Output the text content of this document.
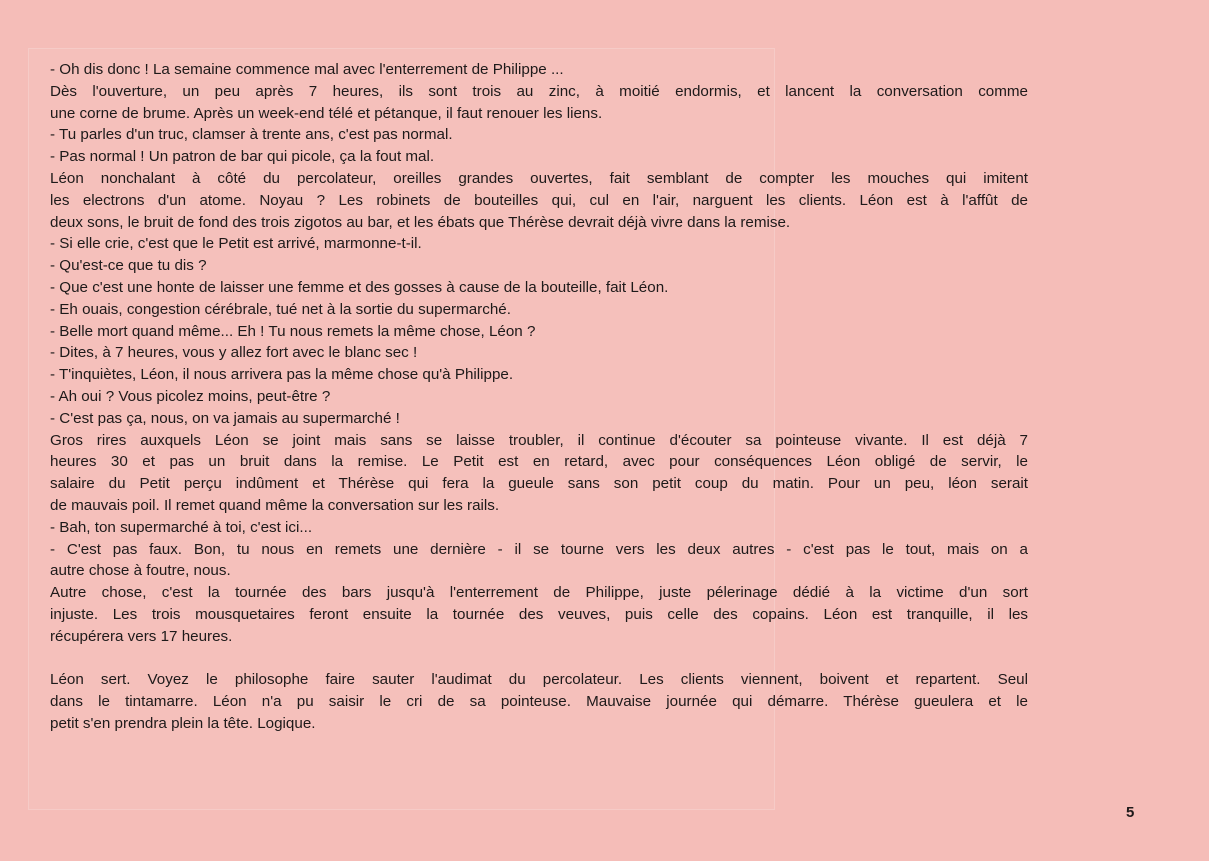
- Oh dis donc ! La semaine commence mal avec l'enterrement de Philippe ...
Dès l'ouverture, un peu après 7 heures, ils sont trois au zinc, à moitié endormis, et lancent la conversation comme
une corne de brume. Après un week-end télé et pétanque, il faut renouer les liens.
- Tu parles d'un truc, clamser à trente ans, c'est pas normal.
- Pas normal ! Un patron de bar qui picole, ça la fout mal.
Léon nonchalant à côté du percolateur, oreilles grandes ouvertes, fait semblant de compter les mouches qui imitent
les electrons d'un atome. Noyau ? Les robinets de bouteilles qui, cul en l'air, narguent les clients. Léon est à l'affût de
deux sons, le bruit de fond des trois zigotos au bar, et les ébats que Thérèse devrait déjà vivre dans la remise.
- Si elle crie, c'est que le Petit est arrivé, marmonne-t-il.
- Qu'est-ce que tu dis ?
- Que c'est une honte de laisser une femme et des gosses à cause de la bouteille, fait Léon.
- Eh ouais, congestion cérébrale, tué net à la sortie du supermarché.
- Belle mort quand même... Eh ! Tu nous remets la même chose, Léon ?
- Dites, à 7 heures, vous y allez fort avec le blanc sec !
- T'inquiètes, Léon, il nous arrivera pas la même chose qu'à Philippe.
- Ah oui ? Vous picolez moins, peut-être ?
- C'est pas ça, nous, on va jamais au supermarché !
Gros rires auxquels Léon se joint mais sans se laisse troubler, il continue d'écouter sa pointeuse vivante. Il est déjà 7
heures 30 et pas un bruit dans la remise. Le Petit est en retard, avec pour conséquences Léon obligé de servir, le
salaire du Petit perçu indûment et Thérèse qui fera la gueule sans son petit coup du matin. Pour un peu, léon serait
de mauvais poil. Il remet quand même la conversation sur les rails.
- Bah, ton supermarché à toi, c'est ici...
- C'est pas faux. Bon, tu nous en remets une dernière - il se tourne vers les deux autres - c'est pas le tout, mais on a
autre chose à foutre, nous.
Autre chose, c'est la tournée des bars jusqu'à l'enterrement de Philippe, juste pélerinage dédié à la victime d'un sort
injuste. Les trois mousquetaires feront ensuite la tournée des veuves, puis celle des copains. Léon est tranquille, il les
récupérera vers 17 heures.
Léon sert. Voyez le philosophe faire sauter l'audimat du percolateur. Les clients viennent, boivent et repartent. Seul
dans le tintamarre. Léon n'a pu saisir le cri de sa pointeuse. Mauvaise journée qui démarre. Thérèse gueulera et le
petit s'en prendra plein la tête. Logique.
5
